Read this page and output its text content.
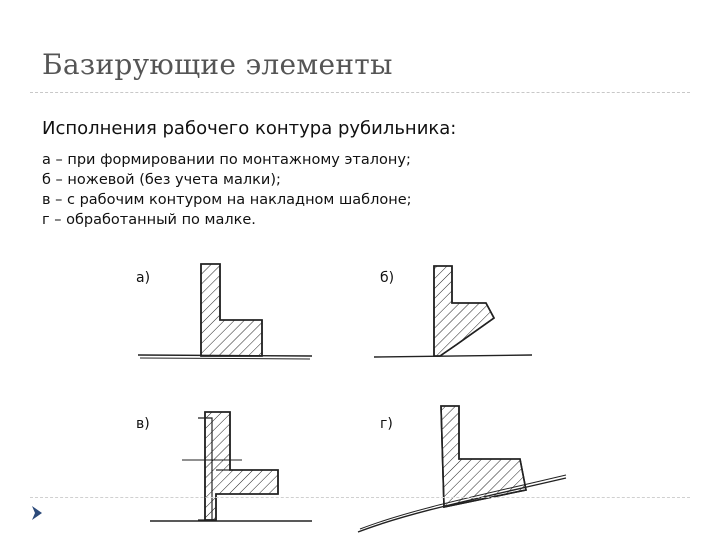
Базирующие элементы
Исполнения рабочего контура рубильника:
а – при формировании по монтажному эталону;
б – ножевой (без учета малки);
в – с рабочим контуром на накладном шаблоне;
г – обработанный по малке.
а)	б)
в)	г)
